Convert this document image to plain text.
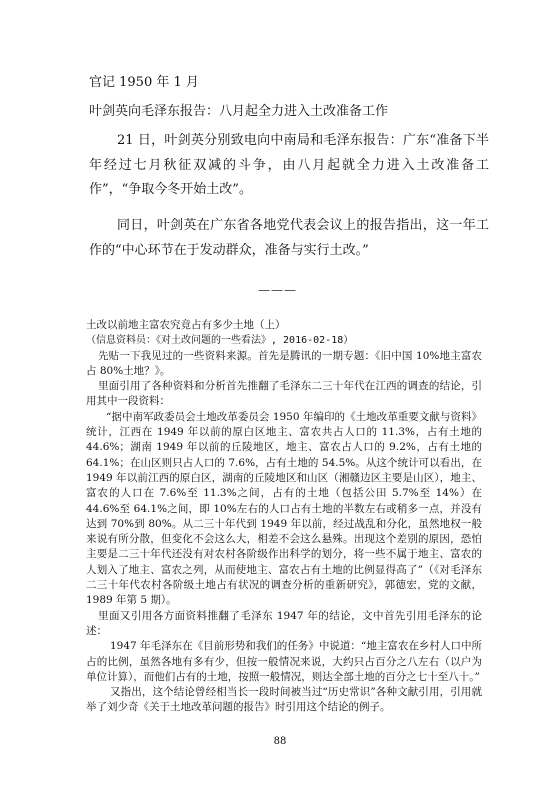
官记 1950 年 1 月

叶剑英向毛泽东报告：八月起全力进入土改准备工作

21 日，叶剑英分别致电向中南局和毛泽东报告：广东“准备下半年经过七月秋征双减的斗争，由八月起就全力进入土改准备工作”，“争取今冬开始土改”。

同日，叶剑英在广东省各地党代表会议上的报告指出，这一年工作的“中心环节在于发动群众，准备与实行土改。”

———

土改以前地主富农究竟占有多少土地（上）

（信息资料员：《对土改问题的一些看法》, 2016-02-18）

先贴一下我见过的一些资料来源。首先是腾讯的一期专题：《旧中国 10%地主富农占 80%土地？》。

里面引用了各种资料和分析首先推翻了毛泽东二三十年代在江西的调查的结论，引用其中一段资料：

“据中南军政委员会土地改革委员会 1950 年编印的《土地改革重要文献与资料》统计，江西在 1949 年以前的原白区地主、富农共占人口的 11.3%，占有土地的 44.6%；湖南 1949 年以前的丘陵地区，地主、富农占人口的 9.2%，占有土地的 64.1%；在山区则只占人口的 7.6%，占有土地的 54.5%。从这个统计可以看出，在 1949 年以前江西的原白区，湖南的丘陵地区和山区（湘赣边区主要是山区），地主、富农的人口在 7.6%至 11.3%之间，占有的土地（包括公田 5.7%至 14%）在 44.6%至 64.1%之间，即 10%左右的人口占有土地的半数左右或稍多一点，并没有达到 70%到 80%。从二三十年代到 1949 年以前，经过战乱和分化，虽然地权一般来说有所分散，但变化不会这么大，相差不会这么悬殊。出现这个差别的原因，恐怕主要是二三十年代还没有对农村各阶级作出科学的划分，将一些不属于地主、富农的人划入了地主、富农之列，从而使地主、富农占有土地的比例显得高了”（《对毛泽东二三十年代农村各阶级土地占有状况的调查分析的重新研究》，郭德宏，党的文献，1989 年第 5 期）。

里面又引用各方面资料推翻了毛泽东 1947 年的结论，文中首先引用毛泽东的论述：

1947 年毛泽东在《目前形势和我们的任务》中说道：“地主富农在乡村人口中所占的比例，虽然各地有多有少，但按一般情况来说，大约只占百分之八左右（以户为单位计算），而他们占有的土地，按照一般情况，则达全部土地的百分之七十至八十。”

又指出，这个结论曾经相当长一段时间被当过“历史常识”各种文献引用，引用就举了刘少奇《关于土地改革问题的报告》时引用这个结论的例子。

88
